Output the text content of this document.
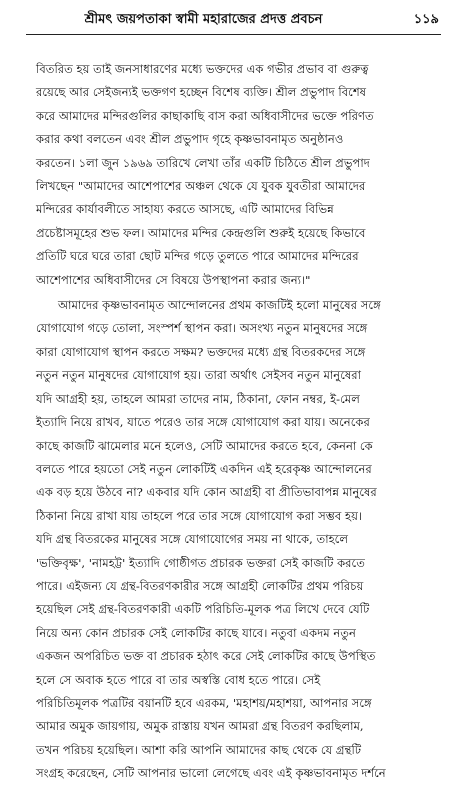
শ্রীমৎ জয়পতাকা স্বামী মহারাজের প্রদত্ত প্রবচন	১১৯

বিতরিত হয় তাই জনসাধারণের মধ্যে ভক্তদের এক গভীর প্রভাব বা গুরুত্ব
রয়েছে আর সেইজন্যই ভক্তগণ হচ্ছেন বিশেষ ব্যক্তি। শ্রীল প্রভুপাদ বিশেষ
করে আমাদের মন্দিরগুলির কাছাকাছি বাস করা অধিবাসীদের ভক্তে পরিণত
করার কথা বলতেন এবং শ্রীল প্রভুপাদ গৃহে কৃষ্ণভাবনামৃত অনুষ্ঠানও
করতেন। ১লা জুন ১৯৬৯ তারিখে লেখা তাঁর একটি চিঠিতে শ্রীল প্রভুপাদ
লিখছেন "আমাদের আশেপাশের অঞ্চল থেকে যে যুবক যুবতীরা আমাদের
মন্দিরের কার্যাবলীতে সাহায্য করতে আসছে, এটি আমাদের বিভিন্ন
প্রচেষ্টাসমূহের শুভ ফল। আমাদের মন্দির কেন্দ্রগুলি শুরুই হয়েছে কিভাবে
প্রতিটি ঘরে ঘরে তারা ছোট মন্দির গড়ে তুলতে পারে আমাদের মন্দিরের
আশেপাশের অধিবাসীদের সে বিষয়ে উপস্থাপনা করার জন্য।"

আমাদের কৃষ্ণভাবনামৃত আন্দোলনের প্রথম কাজটিই হলো মানুষের সঙ্গে
যোগাযোগ গড়ে তোলা, সংস্পর্শ স্থাপন করা। অসংখ্য নতুন মানুষদের সঙ্গে
কারা যোগাযোগ স্থাপন করতে সক্ষম? ভক্তদের মধ্যে গ্রন্থ বিতরকদের সঙ্গে
নতুন নতুন মানুষদের যোগাযোগ হয়। তারা অর্থাৎ সেইসব নতুন মানুষেরা
যদি আগ্রহী হয়, তাহলে আমরা তাদের নাম, ঠিকানা, ফোন নম্বর, ই-মেল
ইত্যাদি নিয়ে রাখব, যাতে পরেও তার সঙ্গে যোগাযোগ করা যায়। অনেকের
কাছে কাজটি ঝামেলার মনে হলেও, সেটি আমাদের করতে হবে, কেননা কে
বলতে পারে হয়তো সেই নতুন লোকটিই একদিন এই হরেকৃষ্ণ আন্দোলনের
এক বড় হয়ে উঠবে না? একবার যদি কোন আগ্রহী বা প্রীতিভাবাপন্ন মানুষের
ঠিকানা নিয়ে রাখা যায় তাহলে পরে তার সঙ্গে যোগাযোগ করা সম্ভব হয়।
যদি গ্রন্থ বিতরকের মানুষের সঙ্গে যোগাযোগের সময় না থাকে, তাহলে
'ভক্তিবৃক্ষ', 'নামহট্ট' ইত্যাদি গোষ্ঠীগত প্রচারক ভক্তরা সেই কাজটি করতে
পারে। এইজন্য যে গ্রন্থ-বিতরণকারীর সঙ্গে আগ্রহী লোকটির প্রথম পরিচয়
হয়েছিল সেই গ্রন্থ-বিতরণকারী একটি পরিচিতি-মূলক পত্র লিখে দেবে যেটি
নিয়ে অন্য কোন প্রচারক সেই লোকটির কাছে যাবে। নতুবা একদম নতুন
একজন অপরিচিত ভক্ত বা প্রচারক হঠাৎ করে সেই লোকটির কাছে উপস্থিত
হলে সে অবাক হতে পারে বা তার অস্বস্তি বোধ হতে পারে। সেই
পরিচিতিমূলক পত্রটির বয়ানটি হবে এরকম, 'মহাশয়/মহাশয়া, আপনার সঙ্গে
আমার অমুক জায়গায়, অমুক রাস্তায় যখন আমরা গ্রন্থ বিতরণ করছিলাম,
তখন পরিচয় হয়েছিল। আশা করি আপনি আমাদের কাছ থেকে যে গ্রন্থটি
সংগ্রহ করেছেন, সেটি আপনার ভালো লেগেছে এবং এই কৃষ্ণভাবনামৃত দর্শনে
